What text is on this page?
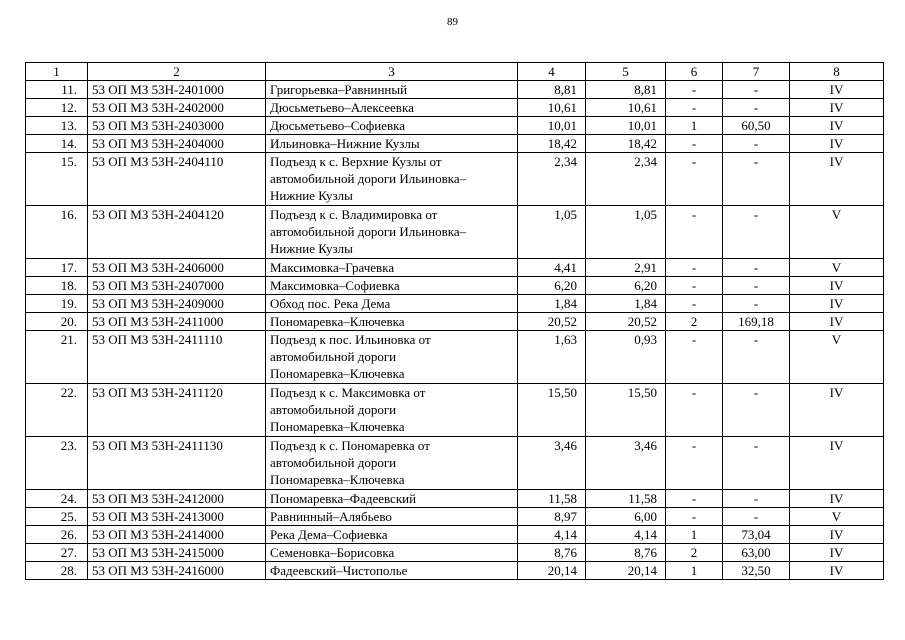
89
1	2	3	4	5	6	7	8
11.	53 ОП МЗ 53Н-2401000	Григорьевка–Равнинный	8,81	8,81	-	-	IV
12.	53 ОП МЗ 53Н-2402000	Дюсьметьево–Алексеевка	10,61	10,61	-	-	IV
13.	53 ОП МЗ 53Н-2403000	Дюсьметьево–Софиевка	10,01	10,01	1	60,50	IV
14.	53 ОП МЗ 53Н-2404000	Ильиновка–Нижние Кузлы	18,42	18,42	-	-	IV
15.	53 ОП МЗ 53Н-2404110	Подъезд к с. Верхние Кузлы от
автомобильной дороги Ильиновка–
Нижние Кузлы	2,34	2,34	-	-	IV
16.	53 ОП МЗ 53Н-2404120	Подъезд к с. Владимировка от
автомобильной дороги Ильиновка–
Нижние Кузлы	1,05	1,05	-	-	V
17.	53 ОП МЗ 53Н-2406000	Максимовка–Грачевка	4,41	2,91	-	-	V
18.	53 ОП МЗ 53Н-2407000	Максимовка–Софиевка	6,20	6,20	-	-	IV
19.	53 ОП МЗ 53Н-2409000	Обход пос. Река Дема	1,84	1,84	-	-	IV
20.	53 ОП МЗ 53Н-2411000	Пономаревка–Ключевка	20,52	20,52	2	169,18	IV
21.	53 ОП МЗ 53Н-2411110	Подъезд к пос. Ильиновка от
автомобильной дороги
Пономаревка–Ключевка	1,63	0,93	-	-	V
22.	53 ОП МЗ 53Н-2411120	Подъезд к с. Максимовка от
автомобильной дороги
Пономаревка–Ключевка	15,50	15,50	-	-	IV
23.	53 ОП МЗ 53Н-2411130	Подъезд к с. Пономаревка от
автомобильной дороги
Пономаревка–Ключевка	3,46	3,46	-	-	IV
24.	53 ОП МЗ 53Н-2412000	Пономаревка–Фадеевский	11,58	11,58	-	-	IV
25.	53 ОП МЗ 53Н-2413000	Равнинный–Алябьево	8,97	6,00	-	-	V
26.	53 ОП МЗ 53Н-2414000	Река Дема–Софиевка	4,14	4,14	1	73,04	IV
27.	53 ОП МЗ 53Н-2415000	Семеновка–Борисовка	8,76	8,76	2	63,00	IV
28.	53 ОП МЗ 53Н-2416000	Фадеевский–Чистополье	20,14	20,14	1	32,50	IV
